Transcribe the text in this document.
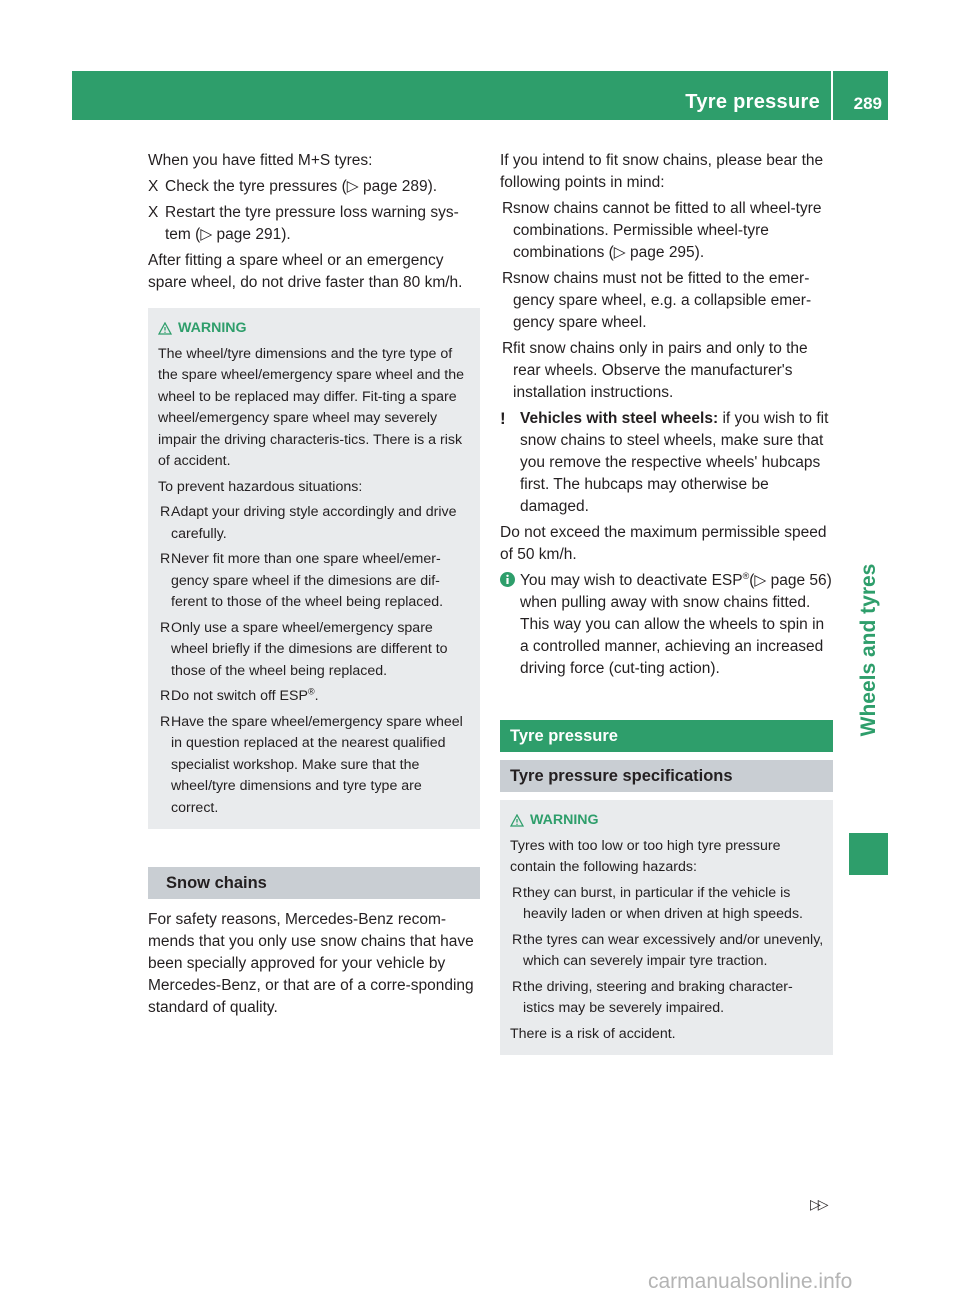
Tyre pressure 289
Wheels and tyres

When you have fitted M+S tyres:

X Check the tyre pressures (▷ page 289).
X Restart the tyre pressure loss warning sys-tem (▷ page 291).

After fitting a spare wheel or an emergency spare wheel, do not drive faster than 80 km/h.

WARNING

The wheel/tyre dimensions and the tyre type of the spare wheel/emergency spare wheel and the wheel to be replaced may differ. Fit-ting a spare wheel/emergency spare wheel may severely impair the driving characteris-tics. There is a risk of accident.

To prevent hazardous situations:

R Adapt your driving style accordingly and drive carefully.
R Never fit more than one spare wheel/emer-gency spare wheel if the dimesions are dif-ferent to those of the wheel being replaced.
R Only use a spare wheel/emergency spare wheel briefly if the dimesions are different to those of the wheel being replaced.
R Do not switch off ESP®.
R Have the spare wheel/emergency spare wheel in question replaced at the nearest qualified specialist workshop. Make sure that the wheel/tyre dimensions and tyre type are correct.
Snow chains

For safety reasons, Mercedes-Benz recom-mends that you only use snow chains that have been specially approved for your vehicle by Mercedes-Benz, or that are of a corre-sponding standard of quality.

If you intend to fit snow chains, please bear the following points in mind:

R snow chains cannot be fitted to all wheel-tyre combinations. Permissible wheel-tyre combinations (▷ page 295).
R snow chains must not be fitted to the emer-gency spare wheel, e.g. a collapsible emer-gency spare wheel.
R fit snow chains only in pairs and only to the rear wheels. Observe the manufacturer's installation instructions.
! Vehicles with steel wheels: if you wish to fit snow chains to steel wheels, make sure that you remove the respective wheels' hubcaps first. The hubcaps may otherwise be damaged.

Do not exceed the maximum permissible speed of 50 km/h.

You may wish to deactivate ESP®(▷ page 56) when pulling away with snow chains fitted. This way you can allow the wheels to spin in a controlled manner, achieving an increased driving force (cut-ting action).
Tyre pressure
Tyre pressure specifications
WARNING

Tyres with too low or too high tyre pressure contain the following hazards:

R they can burst, in particular if the vehicle is heavily laden or when driven at high speeds.
R the tyres can wear excessively and/or unevenly, which can severely impair tyre traction.
R the driving, steering and braking character-istics may be severely impaired.

There is a risk of accident.

▷▷
carmanualsonline.info
